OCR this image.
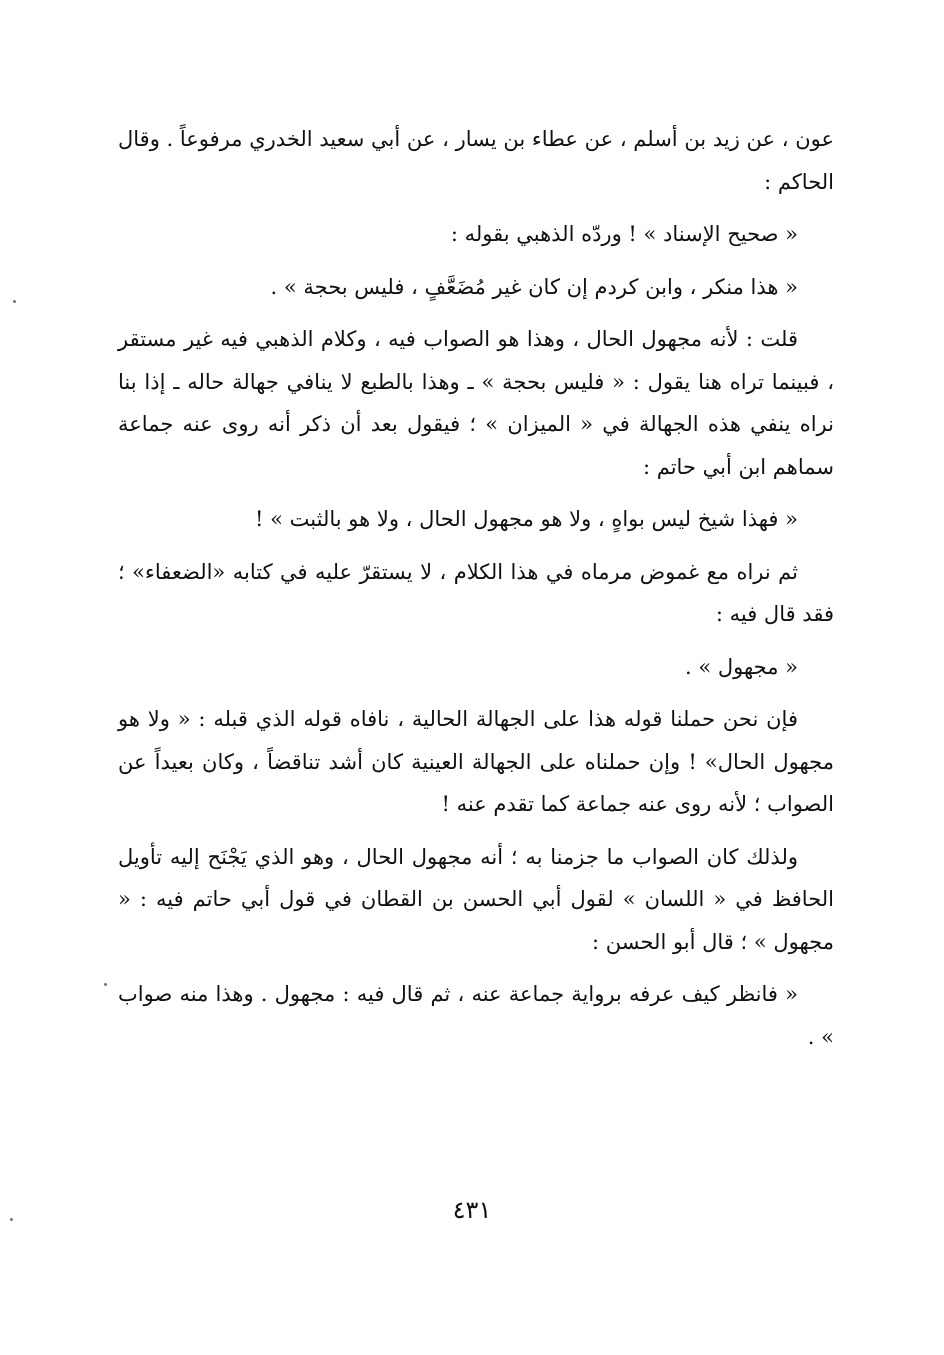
عون ، عن زيد بن أسلم ، عن عطاء بن يسار ، عن أبي سعيد الخدري مرفوعاً . وقال الحاكم :

« صحيح الإسناد » ! وردّه الذهبي بقوله :

« هذا منكر ، وابن كردم إن كان غير مُضَعَّفٍ ، فليس بحجة » .

قلت : لأنه مجهول الحال ، وهذا هو الصواب فيه ، وكلام الذهبي فيه غير مستقر ، فبينما تراه هنا يقول : « فليس بحجة » ـ وهذا بالطبع لا ينافي جهالة حاله ـ إذا بنا نراه ينفي هذه الجهالة في « الميزان » ؛ فيقول بعد أن ذكر أنه روى عنه جماعة سماهم ابن أبي حاتم :

« فهذا شيخ ليس بواهٍ ، ولا هو مجهول الحال ، ولا هو بالثبت » !

ثم نراه مع غموض مرماه في هذا الكلام ، لا يستقرّ عليه في كتابه «الضعفاء» ؛ فقد قال فيه :

« مجهول » .

فإن نحن حملنا قوله هذا على الجهالة الحالية ، نافاه قوله الذي قبله : « ولا هو مجهول الحال» ! وإن حملناه على الجهالة العينية كان أشد تناقضاً ، وكان بعيداً عن الصواب ؛ لأنه روى عنه جماعة كما تقدم عنه !

ولذلك كان الصواب ما جزمنا به ؛ أنه مجهول الحال ، وهو الذي يَجْنَح إليه تأويل الحافظ في « اللسان » لقول أبي الحسن بن القطان في قول أبي حاتم فيه : « مجهول » ؛ قال أبو الحسن :

« فانظر كيف عرفه برواية جماعة عنه ، ثم قال فيه : مجهول . وهذا منه صواب » .

٤٣١
